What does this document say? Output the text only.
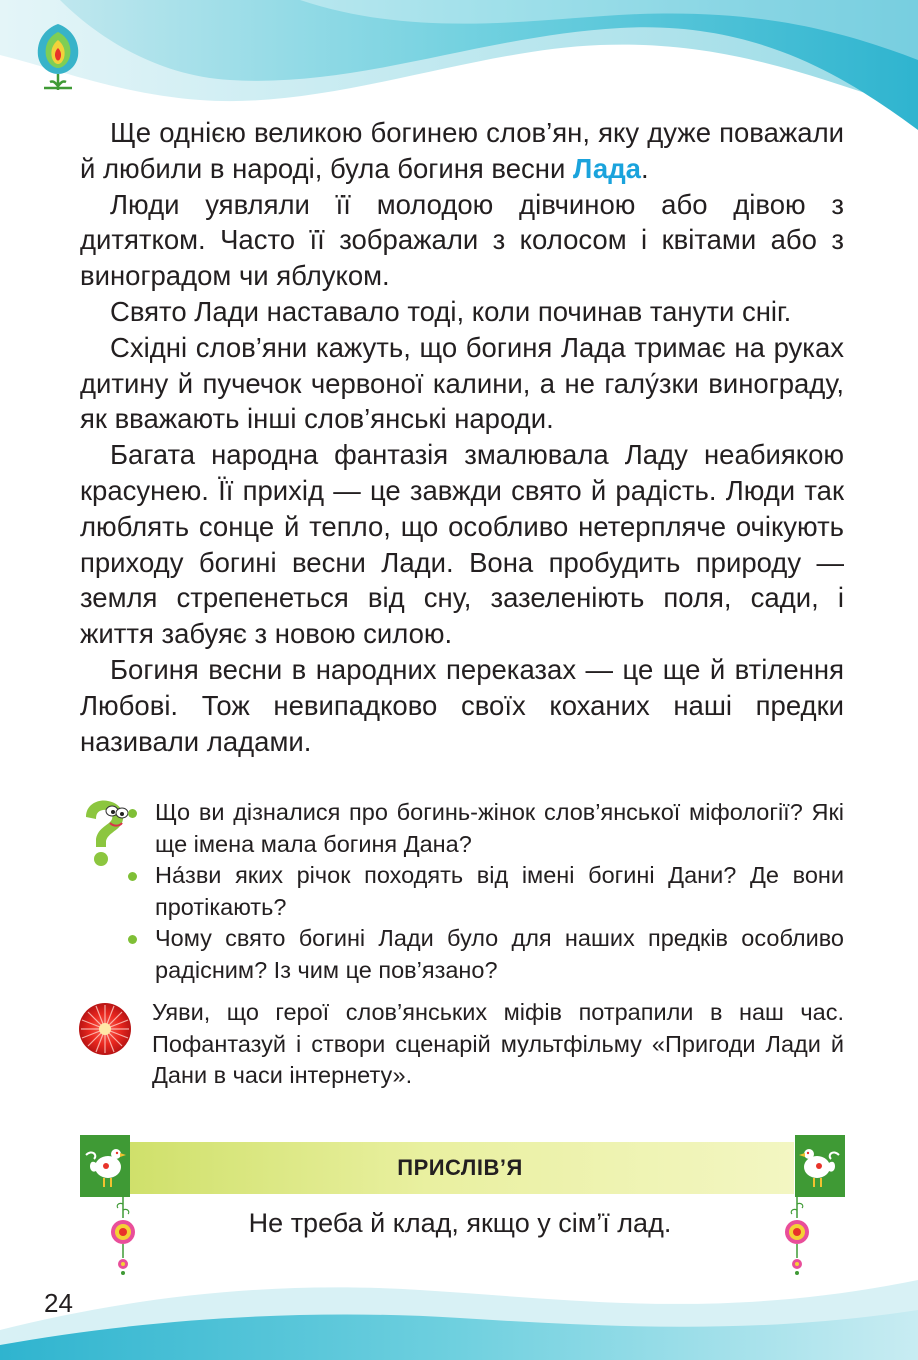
Ще однією великою богинею слов’ян, яку дуже поважали й любили в народі, була богиня весни Лада.

Люди уявляли її молодою дівчиною або дівою з дитятком. Часто її зображали з колосом і квітами або з виноградом чи яблуком.

Свято Лади наставало тоді, коли починав танути сніг.

Східні слов’яни кажуть, що богиня Лада тримає на руках дитину й пучечок червоної калини, а не галу́зки винограду, як вважають інші слов’янські народи.

Багата народна фантазія змалювала Ладу неабиякою красунею. Її прихід — це завжди свято й радість. Люди так люблять сонце й тепло, що особливо нетерпляче очікують приходу богині весни Лади. Вона пробудить природу — земля стрепенеться від сну, зазеленіють поля, сади, і життя забуяє з новою силою.

Богиня весни в народних переказах — це ще й втілення Любові. Тож невипадково своїх коханих наші предки називали ладами.

Що ви дізналися про богинь-жінок слов’янської міфології? Які ще імена мала богиня Дана?
На́зви яких річок походять від імені богині Дани? Де вони протікають?
Чому свято богині Лади було для наших предків особливо радісним? Із чим це пов’язано?

Уяви, що герої слов’янських міфів потрапили в наш час. Пофантазуй і створи сценарій мультфільму «Пригоди Лади й Дани в часи інтернету».

ПРИСЛІВ’Я
Не треба й клад, якщо у сім’ї лад.
24
